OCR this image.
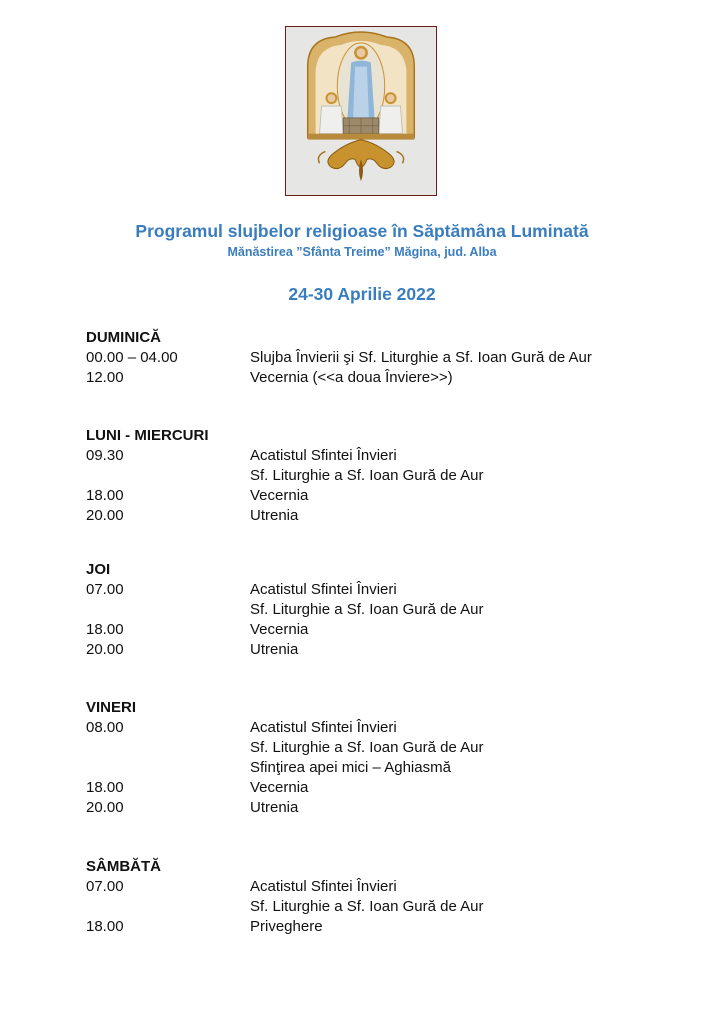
Programul slujbelor religioase în Săptămâna Luminată
Mănăstirea ”Sfânta Treime” Măgina, jud. Alba
24-30 Aprilie 2022
DUMINICĂ
00.00 – 04.00	Slujba Învierii şi Sf. Liturghie a Sf. Ioan Gură de Aur
12.00	Vecernia (<<a doua Înviere>>)
LUNI - MIERCURI
09.30	Acatistul Sfintei Învieri
Sf. Liturghie a Sf. Ioan Gură de Aur
18.00	Vecernia
20.00	Utrenia
JOI
07.00	Acatistul Sfintei Învieri
Sf. Liturghie a Sf. Ioan Gură de Aur
18.00	Vecernia
20.00	Utrenia
VINERI
08.00	Acatistul Sfintei Învieri
Sf. Liturghie a Sf. Ioan Gură de Aur
Sfinţirea apei mici – Aghiasmă
18.00	Vecernia
20.00	Utrenia
SÂMBĂTĂ
07.00	Acatistul Sfintei Învieri
Sf. Liturghie a Sf. Ioan Gură de Aur
18.00	Priveghere
